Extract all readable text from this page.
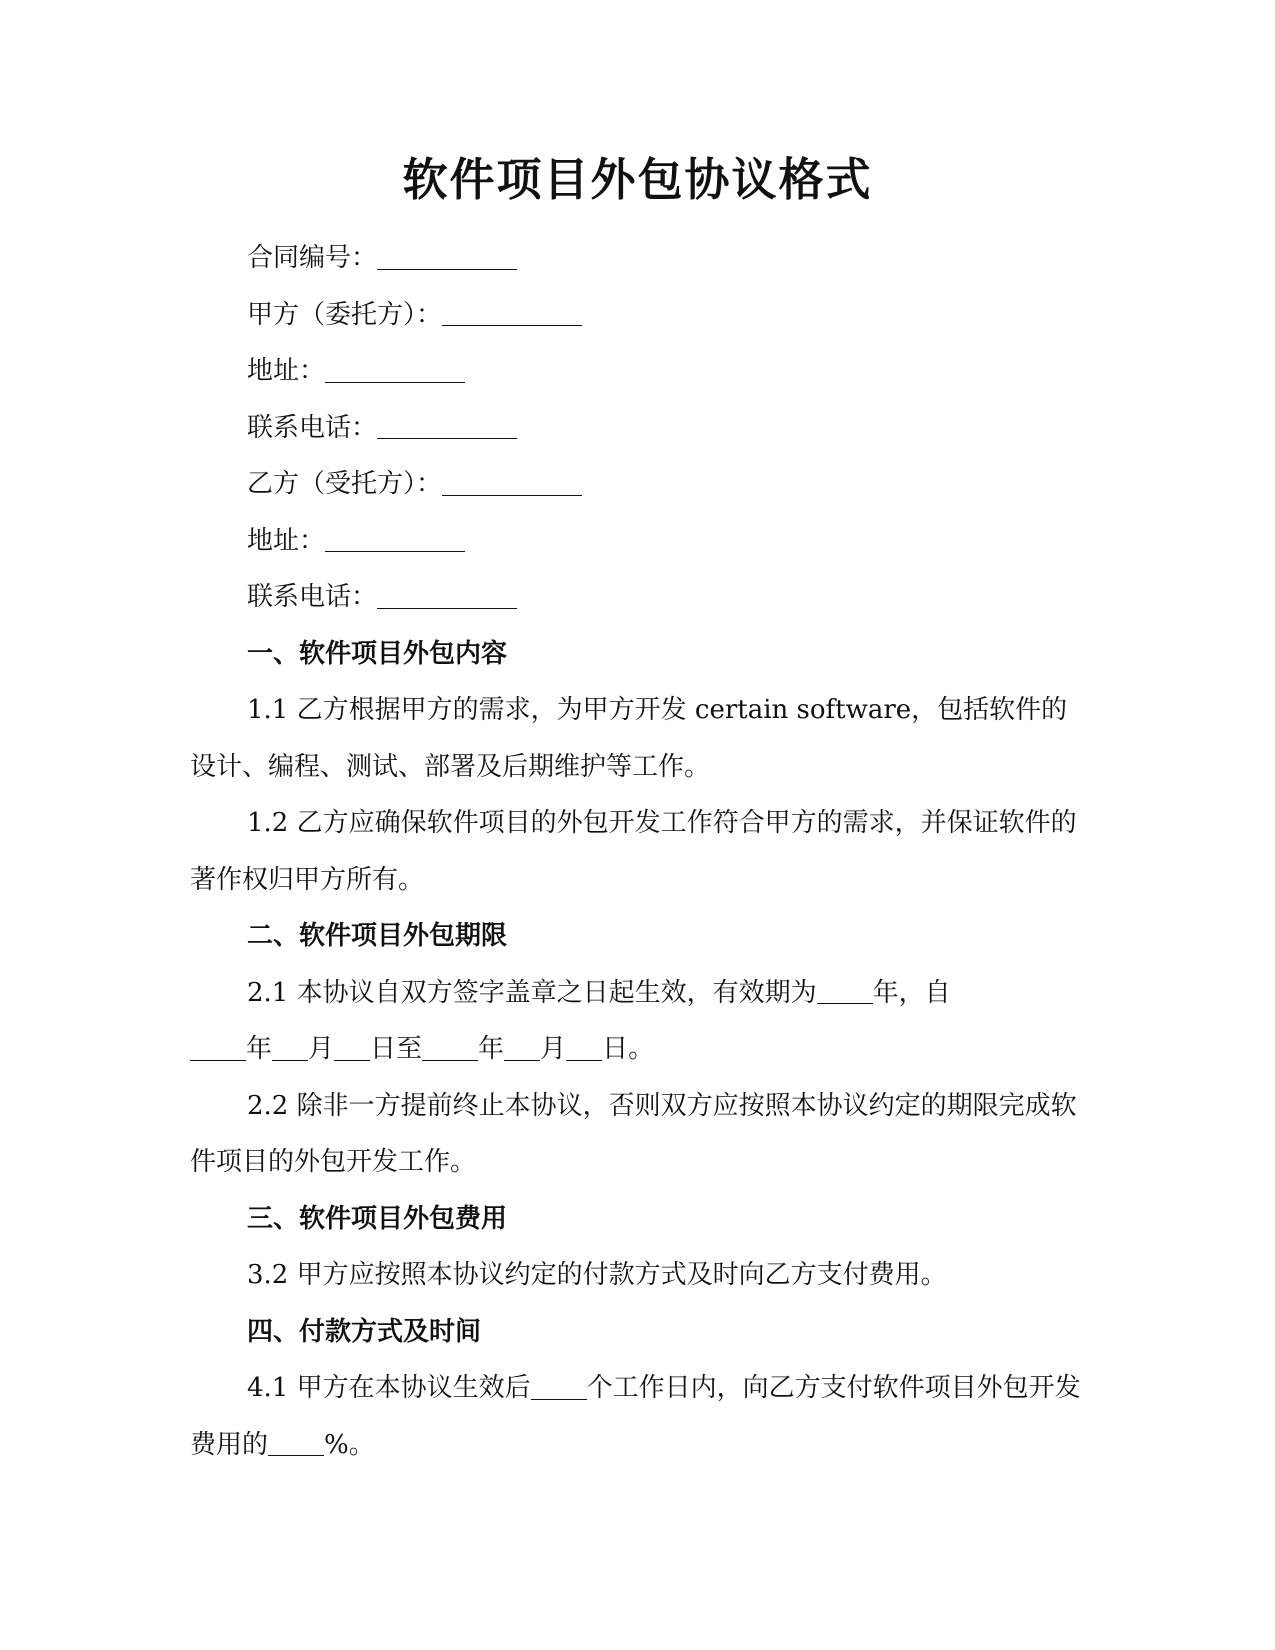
软件项目外包协议格式

合同编号：

甲方（委托方）：

地址：

联系电话：

乙方（受托方）：

地址：

联系电话：

一、软件项目外包内容

1.1 乙方根据甲方的需求，为甲方开发 certain software，包括软件的设计、编程、测试、部署及后期维护等工作。

1.2 乙方应确保软件项目的外包开发工作符合甲方的需求，并保证软件的著作权归甲方所有。

二、软件项目外包期限

2.1 本协议自双方签字盖章之日起生效，有效期为 年，自

年 月 日至 年 月 日。

2.2 除非一方提前终止本协议，否则双方应按照本协议约定的期限完成软件项目的外包开发工作。

三、软件项目外包费用

3.2 甲方应按照本协议约定的付款方式及时向乙方支付费用。

四、付款方式及时间

4.1 甲方在本协议生效后 个工作日内，向乙方支付软件项目外包开发费用的 %。
